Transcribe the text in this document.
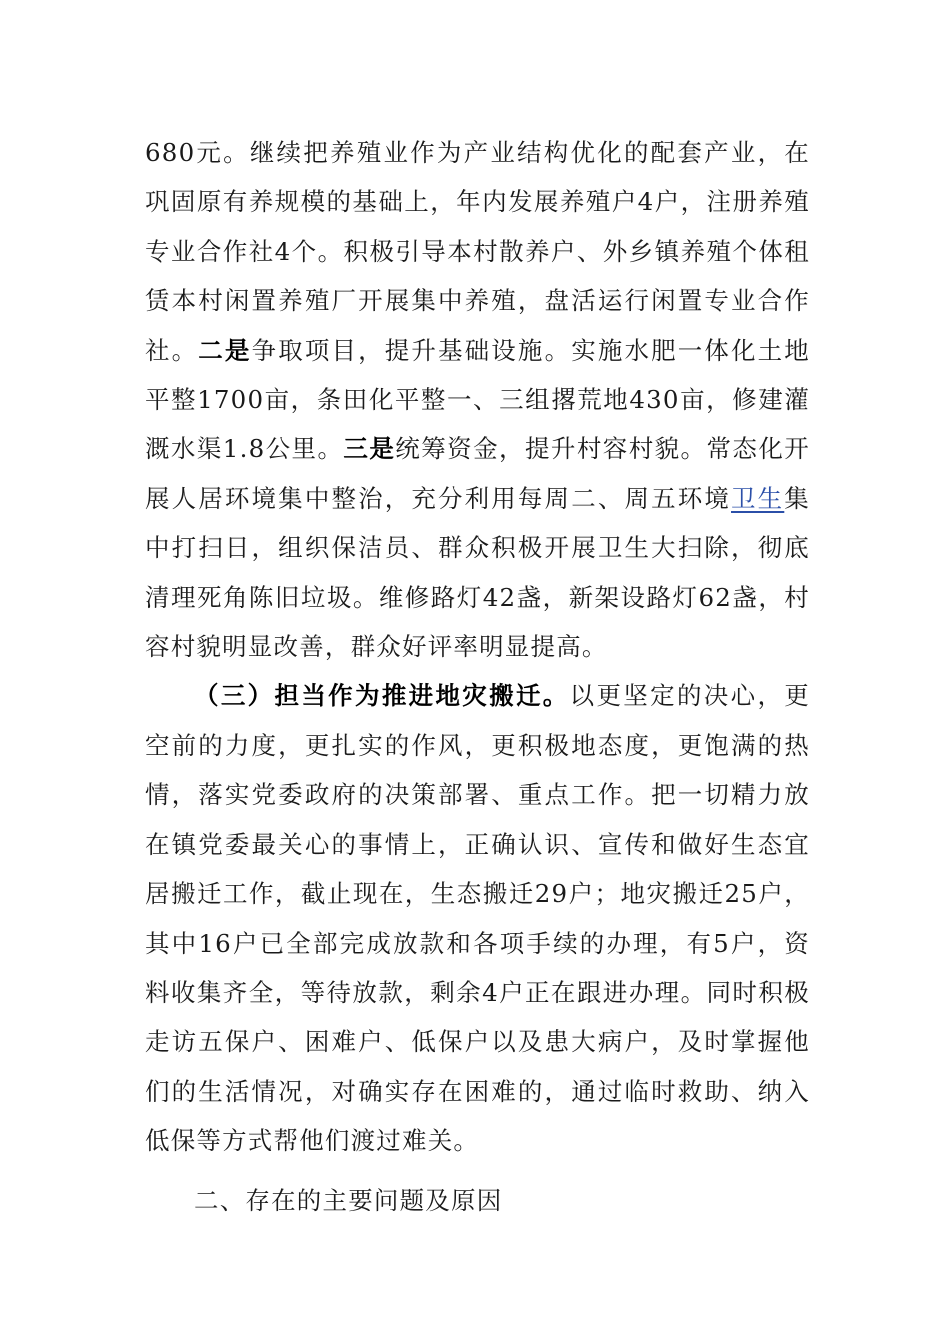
680元。继续把养殖业作为产业结构优化的配套产业，在巩固原有养规模的基础上，年内发展养殖户4户，注册养殖专业合作社4个。积极引导本村散养户、外乡镇养殖个体租赁本村闲置养殖厂开展集中养殖，盘活运行闲置专业合作社。二是争取项目，提升基础设施。实施水肥一体化土地平整1700亩，条田化平整一、三组撂荒地430亩，修建灌溉水渠1.8公里。三是统筹资金，提升村容村貌。常态化开展人居环境集中整治，充分利用每周二、周五环境卫生集中打扫日，组织保洁员、群众积极开展卫生大扫除，彻底清理死角陈旧垃圾。维修路灯42盏，新架设路灯62盏，村容村貌明显改善，群众好评率明显提高。

（三）担当作为推进地灾搬迁。以更坚定的决心，更空前的力度，更扎实的作风，更积极地态度，更饱满的热情，落实党委政府的决策部署、重点工作。把一切精力放在镇党委最关心的事情上，正确认识、宣传和做好生态宜居搬迁工作，截止现在，生态搬迁29户；地灾搬迁25户，其中16户已全部完成放款和各项手续的办理，有5户，资料收集齐全，等待放款，剩余4户正在跟进办理。同时积极走访五保户、困难户、低保户以及患大病户，及时掌握他们的生活情况，对确实存在困难的，通过临时救助、纳入低保等方式帮他们渡过难关。

二、存在的主要问题及原因
